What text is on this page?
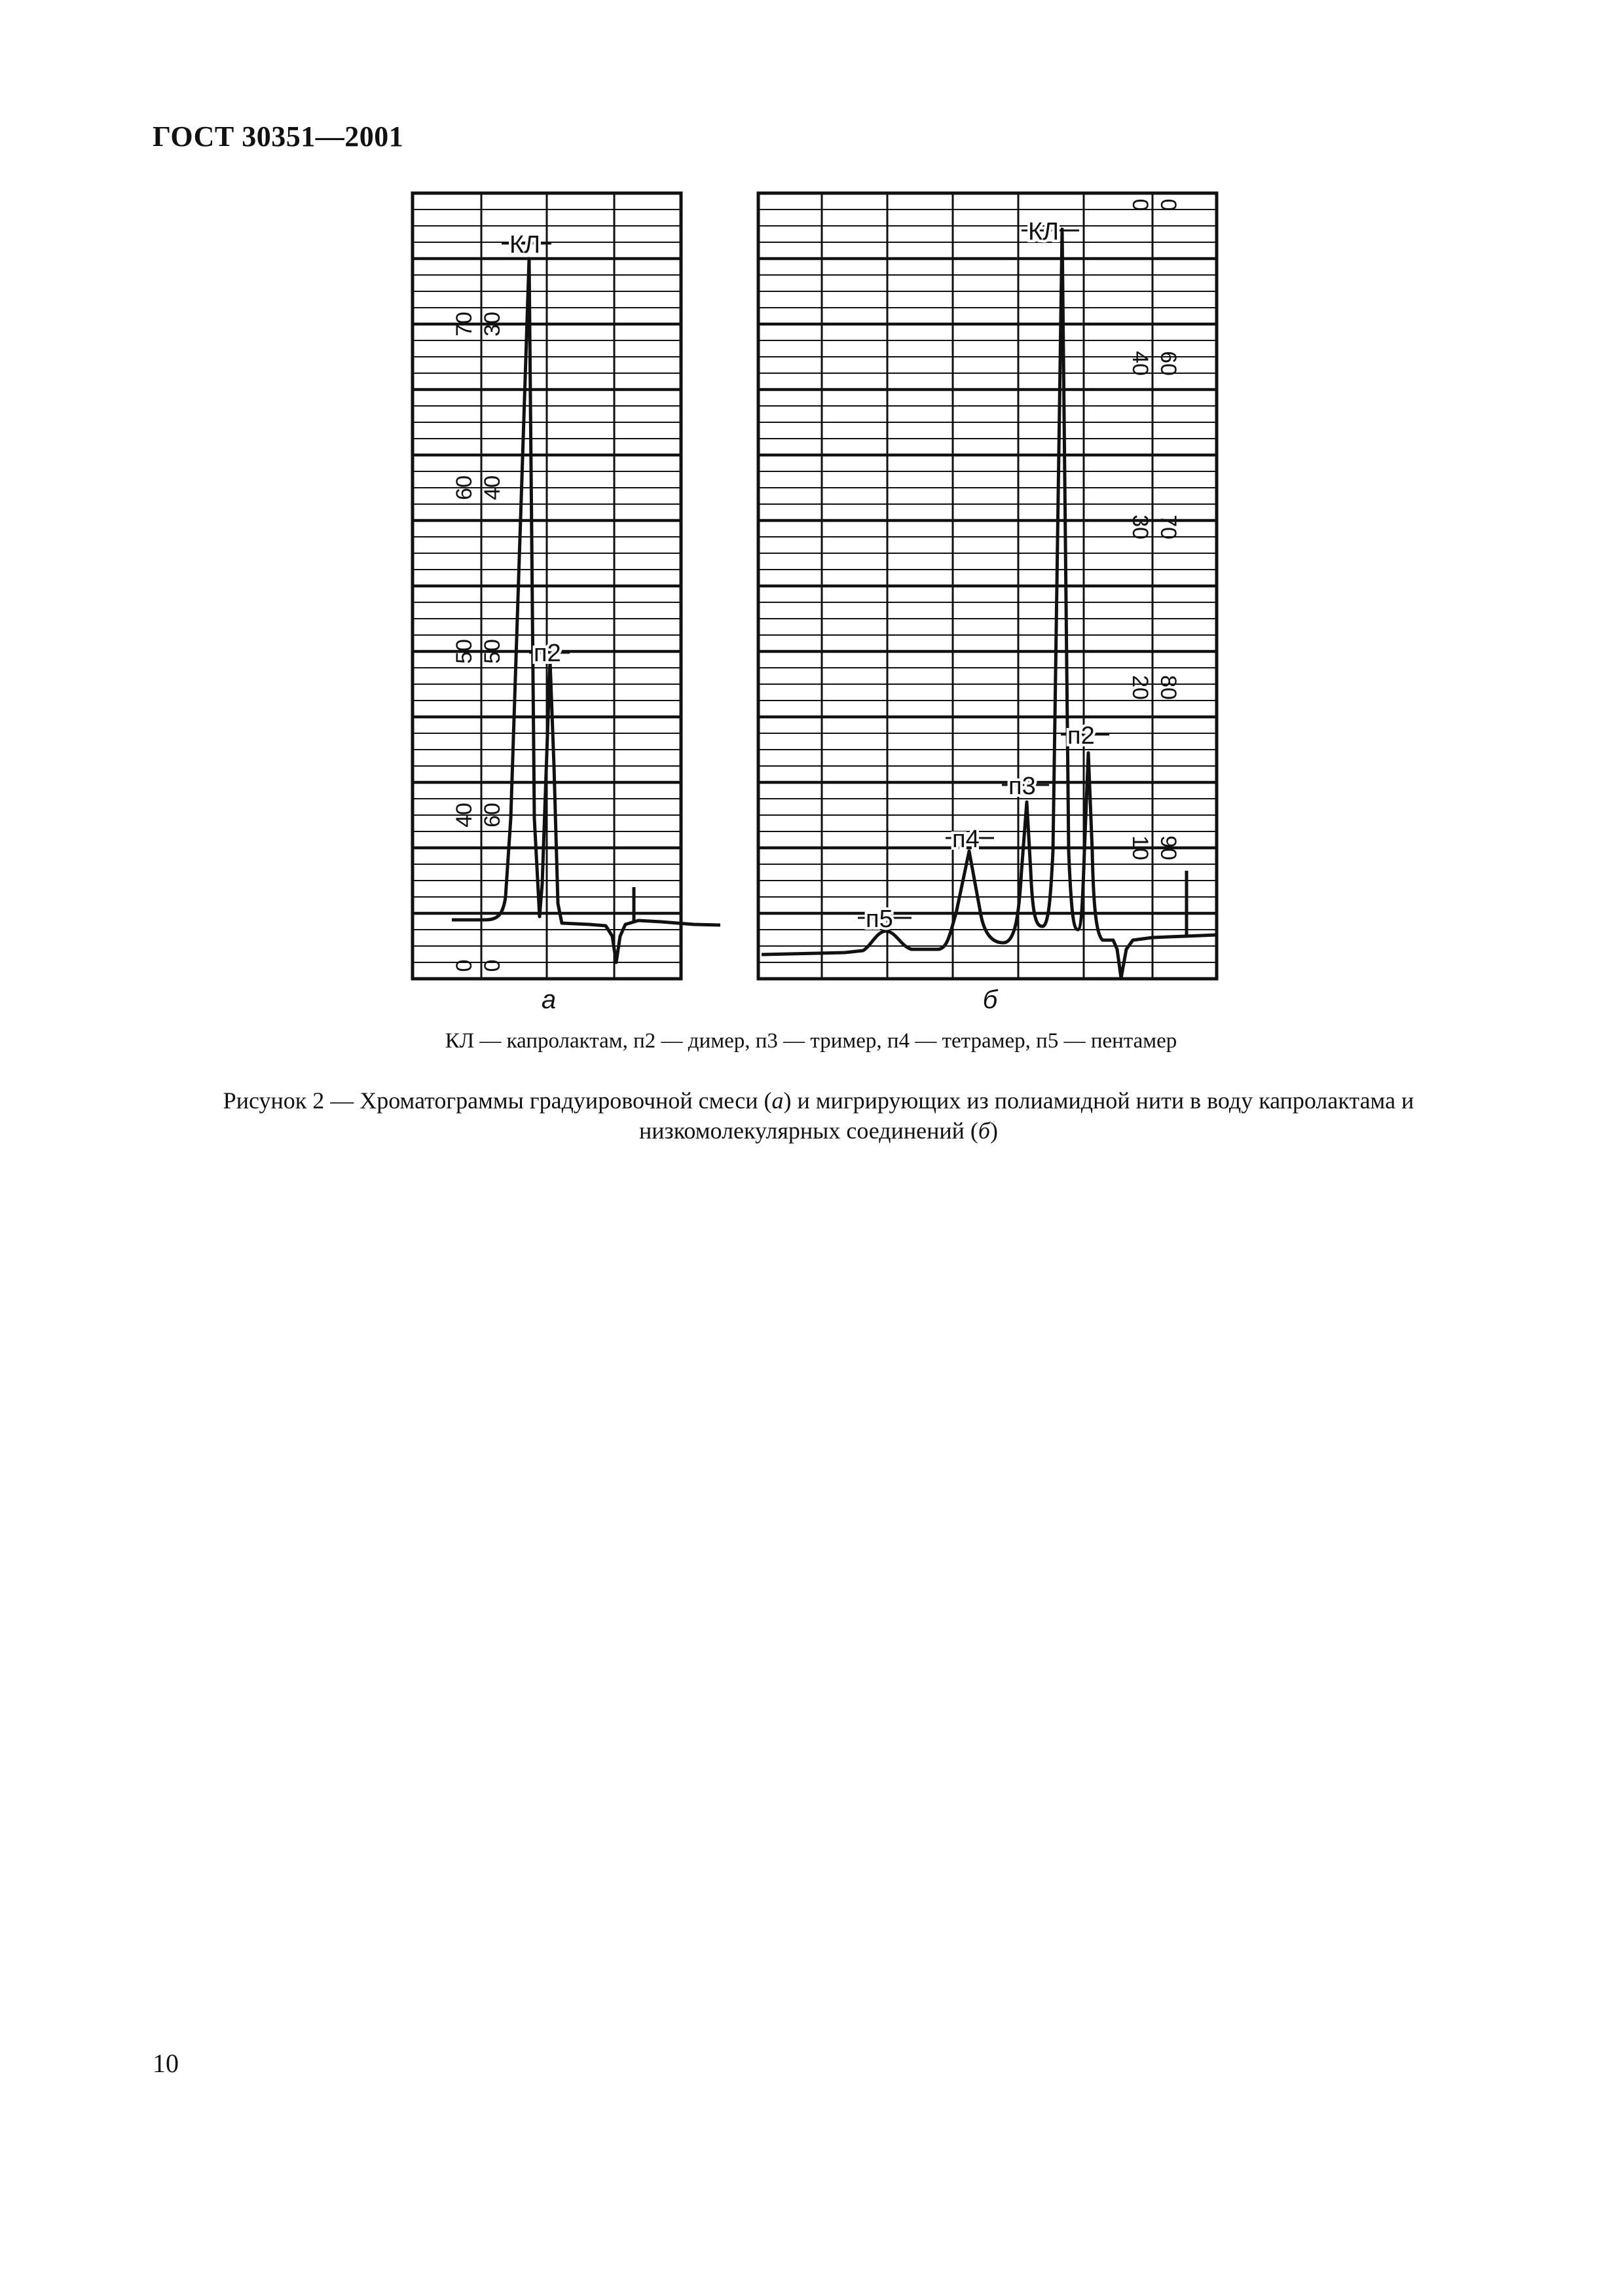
ГОСТ 30351—2001
КЛ
п2
0
40
50
60
70
0
60
50
40
30
а
КЛ
п2
п3
п4
п5
0
40
30
20
10
0
60
70
80
90
б
КЛ — капролактам, п2 — димер, п3 — тример, п4 — тетрамер, п5 — пентамер
Рисунок 2 — Хроматограммы градуировочной смеси (а) и мигрирующих из полиамидной нити в воду капролактама и низкомолекулярных соединений (б)
10
